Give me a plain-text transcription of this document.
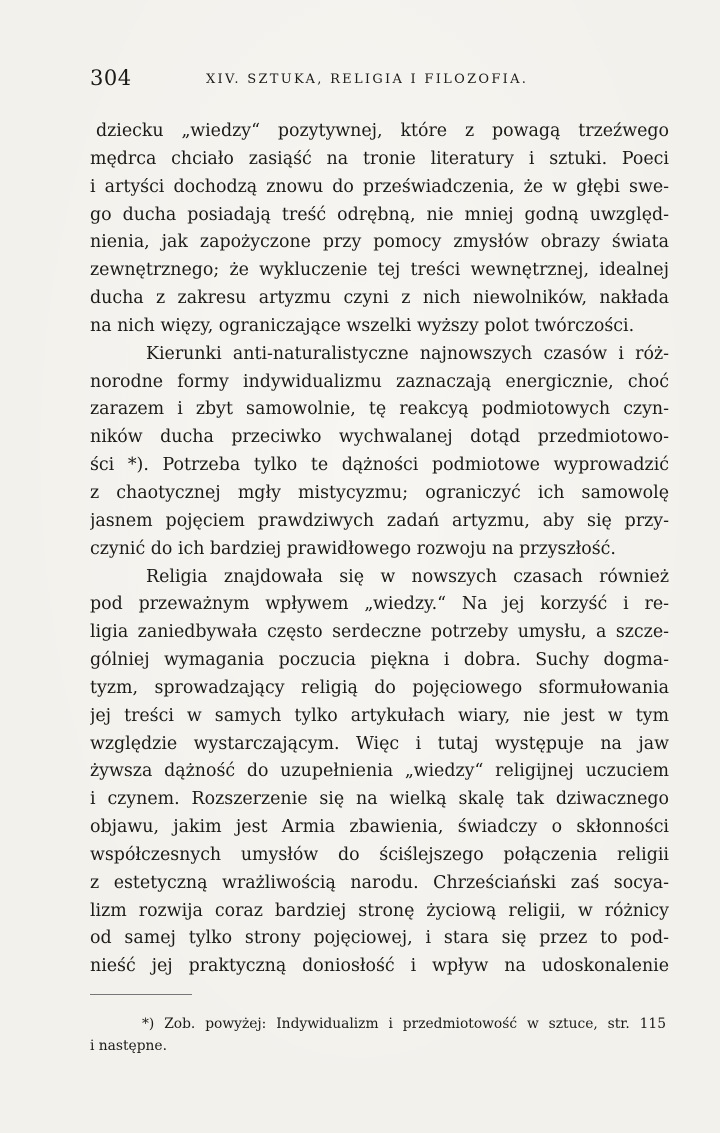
304	XIV. SZTUKA, RELIGIA I FILOZOFIA.
dziecku „wiedzy“ pozytywnej, które z powagą trzeźwego
mędrca chciało zasiąść na tronie literatury i sztuki. Poeci
i artyści dochodzą znowu do przeświadczenia, że w głębi swe-
go ducha posiadają treść odrębną, nie mniej godną uwzględ-
nienia, jak zapożyczone przy pomocy zmysłów obrazy świata
zewnętrznego; że wykluczenie tej treści wewnętrznej, idealnej
ducha z zakresu artyzmu czyni z nich niewolników, nakłada
na nich więzy, ograniczające wszelki wyższy polot twórczości.
Kierunki anti-naturalistyczne najnowszych czasów i róż-
norodne formy indywidualizmu zaznaczają energicznie, choć
zarazem i zbyt samowolnie, tę reakcyą podmiotowych czyn-
ników ducha przeciwko wychwalanej dotąd przedmiotowo-
ści *). Potrzeba tylko te dążności podmiotowe wyprowadzić
z chaotycznej mgły mistycyzmu; ograniczyć ich samowolę
jasnem pojęciem prawdziwych zadań artyzmu, aby się przy-
czynić do ich bardziej prawidłowego rozwoju na przyszłość.
Religia znajdowała się w nowszych czasach również
pod przeważnym wpływem „wiedzy.“ Na jej korzyść i re-
ligia zaniedbywała często serdeczne potrzeby umysłu, a szcze-
gólniej wymagania poczucia piękna i dobra. Suchy dogma-
tyzm, sprowadzający religią do pojęciowego sformułowania
jej treści w samych tylko artykułach wiary, nie jest w tym
względzie wystarczającym. Więc i tutaj występuje na jaw
żywsza dążność do uzupełnienia „wiedzy“ religijnej uczuciem
i czynem. Rozszerzenie się na wielką skalę tak dziwacznego
objawu, jakim jest Armia zbawienia, świadczy o skłonności
współczesnych umysłów do ściślejszego połączenia religii
z estetyczną wrażliwością narodu. Chrześciański zaś socya-
lizm rozwija coraz bardziej stronę życiową religii, w różnicy
od samej tylko strony pojęciowej, i stara się przez to pod-
nieść jej praktyczną doniosłość i wpływ na udoskonalenie
*) Zob. powyżej: Indywidualizm i przedmiotowość w sztuce, str. 115
i następne.
